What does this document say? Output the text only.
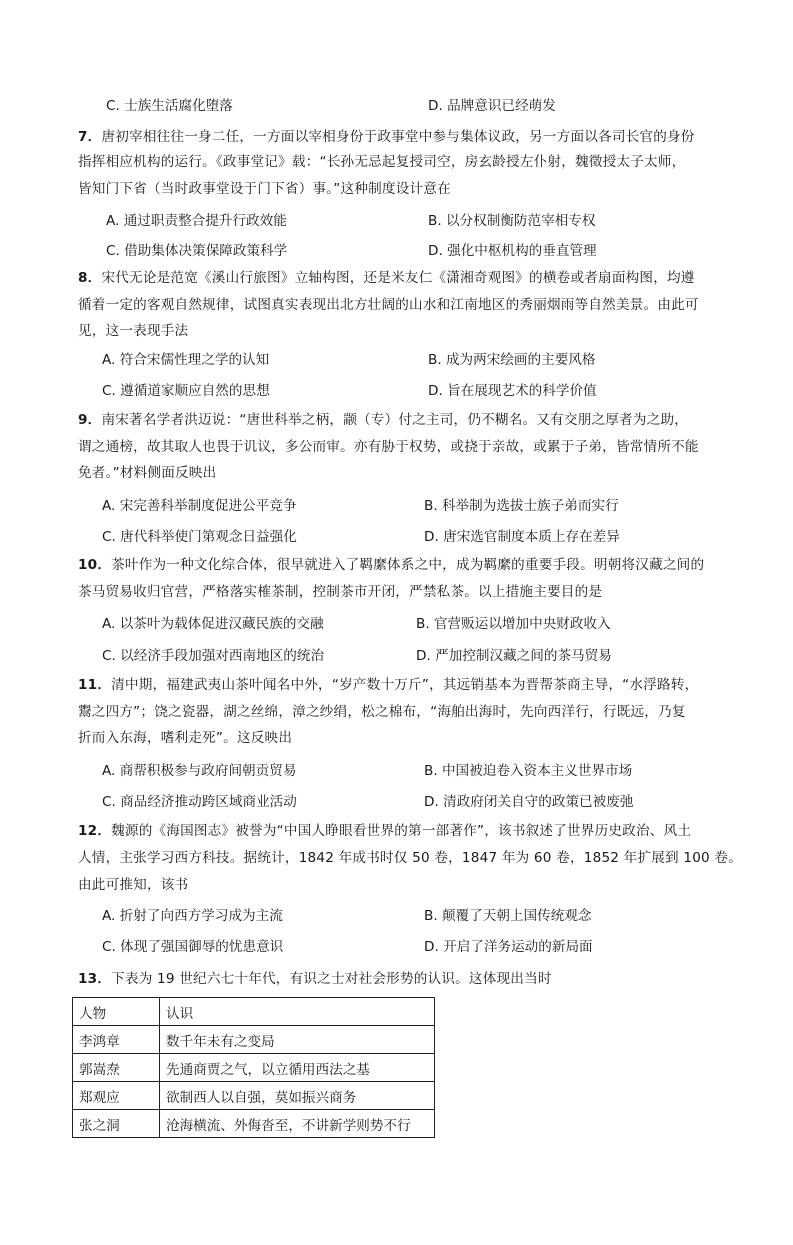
C. 士族生活腐化堕落	D. 品牌意识已经萌发
7．唐初宰相往往一身二任，一方面以宰相身份于政事堂中参与集体议政，另一方面以各司长官的身份
指挥相应机构的运行。《政事堂记》载：“长孙无忌起复授司空，房玄龄授左仆射，魏徵授太子太师，
皆知门下省（当时政事堂设于门下省）事。”这种制度设计意在
A. 通过职责整合提升行政效能	B. 以分权制衡防范宰相专权
C. 借助集体决策保障政策科学	D. 强化中枢机构的垂直管理
8．宋代无论是范宽《溪山行旅图》立轴构图，还是米友仁《潇湘奇观图》的横卷或者扇面构图，均遵
循着一定的客观自然规律，试图真实表现出北方壮阔的山水和江南地区的秀丽烟雨等自然美景。由此可
见，这一表现手法
A. 符合宋儒性理之学的认知	B. 成为两宋绘画的主要风格
C. 遵循道家顺应自然的思想	D. 旨在展现艺术的科学价值
9．南宋著名学者洪迈说：“唐世科举之柄，颛（专）付之主司，仍不糊名。又有交朋之厚者为之助，
谓之通榜，故其取人也畏于讥议，多公而审。亦有胁于权势，或挠于亲故，或累于子弟，皆常情所不能
免者。”材料侧面反映出
A. 宋完善科举制度促进公平竞争	B. 科举制为选拔士族子弟而实行
C. 唐代科举使门第观念日益强化	D. 唐宋选官制度本质上存在差异
10．茶叶作为一种文化综合体，很早就进入了羁縻体系之中，成为羁縻的重要手段。明朝将汉藏之间的
茶马贸易收归官营，严格落实榷茶制，控制茶市开闭，严禁私茶。以上措施主要目的是
A. 以茶叶为载体促进汉藏民族的交融	B. 官营贩运以增加中央财政收入
C. 以经济手段加强对西南地区的统治	D. 严加控制汉藏之间的茶马贸易
11．清中期，福建武夷山茶叶闻名中外，“岁产数十万斤”，其远销基本为晋帮茶商主导，“水浮路转，
鬻之四方”；饶之瓷器，湖之丝绵，漳之纱绢，松之棉布，“海舶出海时，先向西洋行，行既远，乃复
折而入东海，嗜利走死”。这反映出
A. 商帮积极参与政府间朝贡贸易	B. 中国被迫卷入资本主义世界市场
C. 商品经济推动跨区域商业活动	D. 清政府闭关自守的政策已被废弛
12．魏源的《海国图志》被誉为“中国人睁眼看世界的第一部著作”，该书叙述了世界历史政治、风土
人情，主张学习西方科技。据统计，1842 年成书时仅 50 卷，1847 年为 60 卷，1852 年扩展到 100 卷。
由此可推知，该书
A. 折射了向西方学习成为主流	B. 颠覆了天朝上国传统观念
C. 体现了强国御辱的忧患意识	D. 开启了洋务运动的新局面
13．下表为 19 世纪六七十年代，有识之士对社会形势的认识。这体现出当时
人物	认识
李鸿章	数千年未有之变局
郭嵩焘	先通商贾之气，以立循用西法之基
郑观应	欲制西人以自强，莫如振兴商务
张之洞	沧海横流、外侮沓至，不讲新学则势不行
